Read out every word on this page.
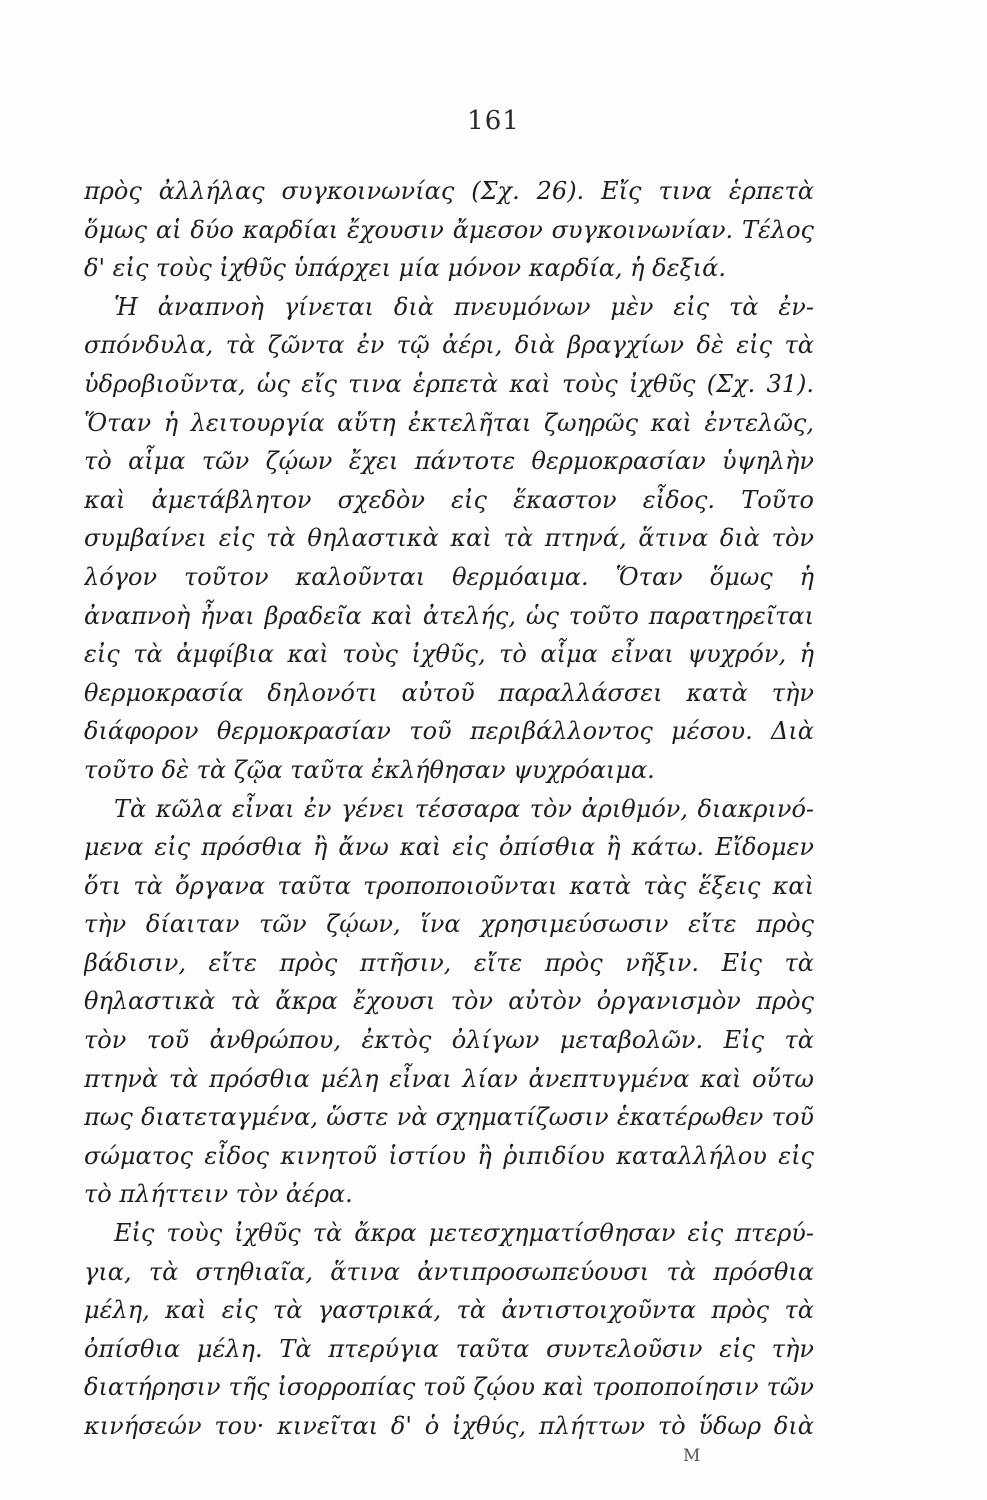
161
πρὸς ἀλλήλας συγκοινωνίας (Σχ. 26). Εἴς τινα ἑρπετὰ
ὅμως αἱ δύο καρδίαι ἔχουσιν ἄμεσον συγκοινωνίαν. Τέλος
δ' εἰς τοὺς ἰχθῦς ὑπάρχει μία μόνον καρδία, ἡ δεξιά.
Ἡ ἀναπνοὴ γίνεται διὰ πνευμόνων μὲν εἰς τὰ ἐν-
σπόνδυλα, τὰ ζῶντα ἐν τῷ ἀέρι, διὰ βραγχίων δὲ εἰς τὰ
ὑδροβιοῦντα, ὡς εἴς τινα ἑρπετὰ καὶ τοὺς ἰχθῦς (Σχ. 31).
Ὅταν ἡ λειτουργία αὕτη ἐκτελῆται ζωηρῶς καὶ ἐντελῶς,
τὸ αἷμα τῶν ζῴων ἔχει πάντοτε θερμοκρασίαν ὑψηλὴν
καὶ ἀμετάβλητον σχεδὸν εἰς ἕκαστον εἶδος. Τοῦτο
συμβαίνει εἰς τὰ θηλαστικὰ καὶ τὰ πτηνά, ἅτινα διὰ τὸν
λόγον τοῦτον καλοῦνται θερμόαιμα. Ὅταν ὅμως ἡ
ἀναπνοὴ ἦναι βραδεῖα καὶ ἀτελής, ὡς τοῦτο παρατηρεῖται
εἰς τὰ ἀμφίβια καὶ τοὺς ἰχθῦς, τὸ αἷμα εἶναι ψυχρόν, ἡ
θερμοκρασία δηλονότι αὐτοῦ παραλλάσσει κατὰ τὴν
διάφορον θερμοκρασίαν τοῦ περιβάλλοντος μέσου. Διὰ
τοῦτο δὲ τὰ ζῷα ταῦτα ἐκλήθησαν ψυχρόαιμα.
Τὰ κῶλα εἶναι ἐν γένει τέσσαρα τὸν ἀριθμόν, διακρινό-
μενα εἰς πρόσθια ἢ ἄνω καὶ εἰς ὀπίσθια ἢ κάτω. Εἴδομεν
ὅτι τὰ ὄργανα ταῦτα τροποποιοῦνται κατὰ τὰς ἕξεις καὶ
τὴν δίαιταν τῶν ζῴων, ἵνα χρησιμεύσωσιν εἴτε πρὸς
βάδισιν, εἴτε πρὸς πτῆσιν, εἴτε πρὸς νῆξιν. Εἰς τὰ
θηλαστικὰ τὰ ἄκρα ἔχουσι τὸν αὐτὸν ὀργανισμὸν πρὸς
τὸν τοῦ ἀνθρώπου, ἐκτὸς ὀλίγων μεταβολῶν. Εἰς τὰ
πτηνὰ τὰ πρόσθια μέλη εἶναι λίαν ἀνεπτυγμένα καὶ οὕτω
πως διατεταγμένα, ὥστε νὰ σχηματίζωσιν ἑκατέρωθεν τοῦ
σώματος εἶδος κινητοῦ ἱστίου ἢ ῥιπιδίου καταλλήλου εἰς
τὸ πλήττειν τὸν ἀέρα.
Εἰς τοὺς ἰχθῦς τὰ ἄκρα μετεσχηματίσθησαν εἰς πτερύ-
για, τὰ στηθιαῖα, ἅτινα ἀντιπροσωπεύουσι τὰ πρόσθια
μέλη, καὶ εἰς τὰ γαστρικά, τὰ ἀντιστοιχοῦντα πρὸς τὰ
ὀπίσθια μέλη. Τὰ πτερύγια ταῦτα συντελοῦσιν εἰς τὴν
διατήρησιν τῆς ἰσορροπίας τοῦ ζῴου καὶ τροποποίησιν τῶν
κινήσεών του· κινεῖται δ' ὁ ἰχθύς, πλήττων τὸ ὕδωρ διὰ
Μ
